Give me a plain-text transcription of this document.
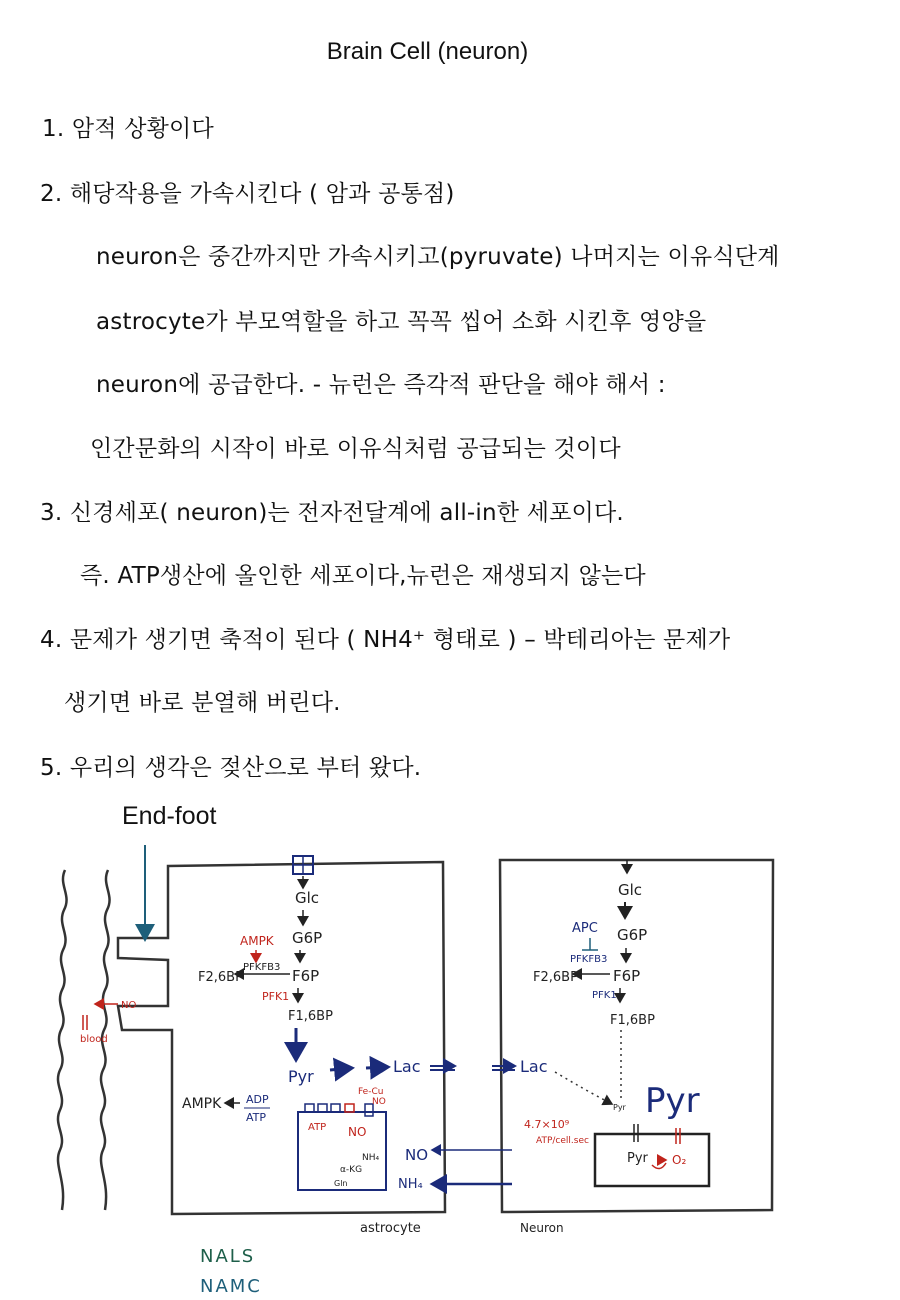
Brain Cell (neuron)
1. 암적 상황이다
2. 해당작용을 가속시킨다 ( 암과 공통점)
neuron은 중간까지만 가속시키고(pyruvate) 나머지는 이유식단계
astrocyte가 부모역할을 하고 꼭꼭 씹어 소화 시킨후 영양을
neuron에 공급한다. - 뉴런은 즉각적 판단을 해야 해서 :
인간문화의 시작이 바로 이유식처럼 공급되는 것이다
3. 신경세포( neuron)는 전자전달계에 all-in한 세포이다.
즉. ATP생산에 올인한 세포이다,뉴런은 재생되지 않는다
4. 문제가 생기면 축적이 된다 ( NH4⁺ 형태로 ) – 박테리아는 문제가
생기면 바로 분열해 버린다.
5. 우리의 생각은 젖산으로 부터 왔다.
End-foot
Glc
G6P
F6P
F1,6BP
F2,6BP
PFKFB3
AMPK
PFK1
Pyr
Lac
NO
blood
AMPK ADP
ATP
Fe-Cu
NO
ATP NO
NH₄
α-KG
Gln
NO
NH₄
astrocyte
Glc
G6P
F6P
F1,6BP
F2,6BP
APC
PFKFB3
PFK1
Lac
Pyr Pyr
4.7×10⁹
ATP/cell.sec
Pyr O₂
Neuron
NALS
NAMC
